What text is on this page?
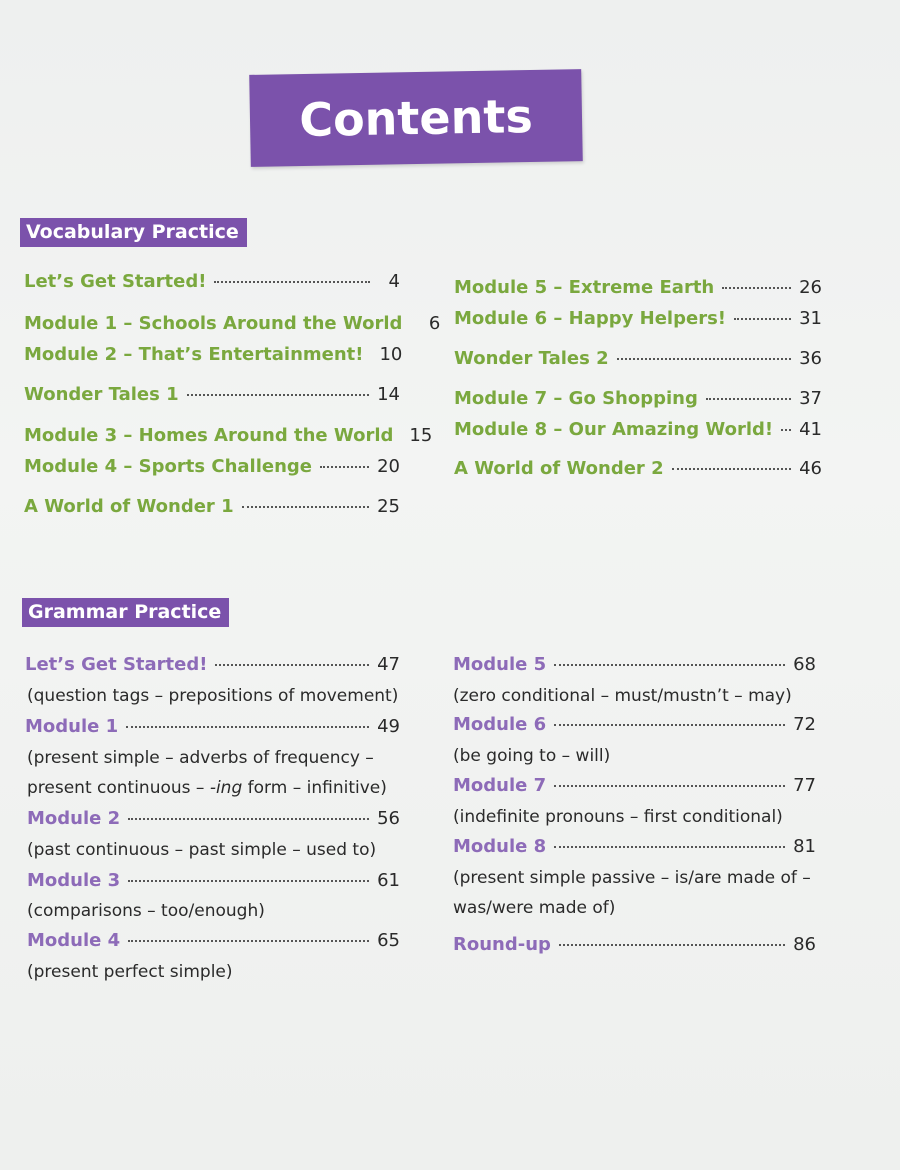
Contents
Vocabulary Practice
Let’s Get Started!	4
Module 1 – Schools Around the World	6
Module 2 – That’s Entertainment! 10
Wonder Tales 1	14
Module 3 – Homes Around the World 15
Module 4 – Sports Challenge	20
A World of Wonder 1	25
Module 5 – Extreme Earth	26
Module 6 – Happy Helpers!	31
Wonder Tales 2	36
Module 7 – Go Shopping	37
Module 8 – Our Amazing World! 41
A World of Wonder 2	46
Grammar Practice
Let’s Get Started!	47
(question tags – prepositions of movement)
Module 1	49
(present simple – adverbs of frequency –
present continuous – -ing form – infinitive)
Module 2	56
(past continuous – past simple – used to)
Module 3	61
(comparisons – too/enough)
Module 4	65
(present perfect simple)
Module 5	68
(zero conditional – must/mustn’t – may)
Module 6	72
(be going to – will)
Module 7	77
(indefinite pronouns – first conditional)
Module 8	81
(present simple passive – is/are made of –
was/were made of)
Round-up	86
